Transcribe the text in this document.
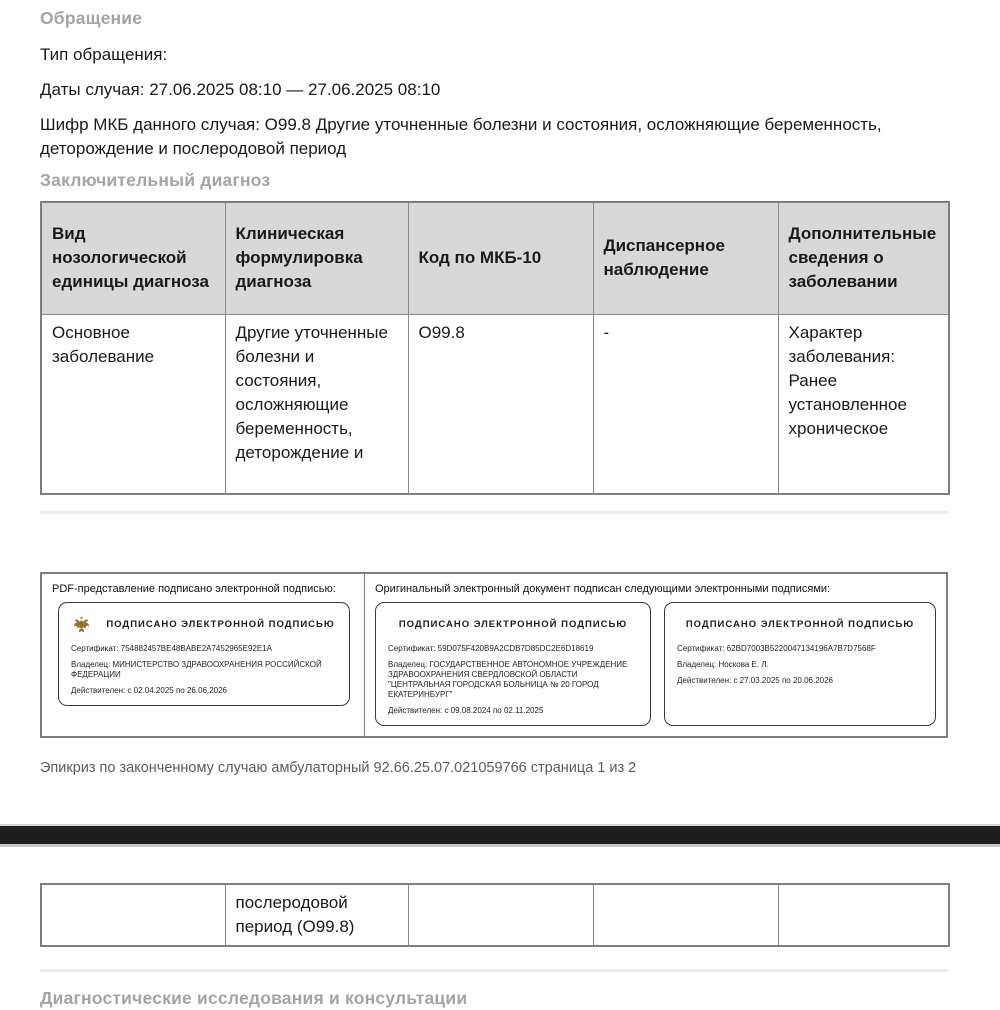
Обращение

Тип обращения:

Даты случая: 27.06.2025 08:10 — 27.06.2025 08:10

Шифр МКБ данного случая: O99.8 Другие уточненные болезни и состояния, осложняющие беременность, деторождение и послеродовой период

Заключительный диагноз
Вид нозологической единицы диагноза	Клиническая формулировка диагноза	Код по МКБ-10	Диспансерное наблюдение	Дополнительные сведения о заболевании
Основное заболевание	Другие уточненные болезни и состояния, осложняющие беременность, деторождение и	O99.8	-	Характер заболевания: Ранее установленное хроническое
PDF-представление подписано электронной подписью:
ПОДПИСАНО ЭЛЕКТРОННОЙ ПОДПИСЬЮ
Сертификат: 754882457BE48BABE2A7452965E92E1A
Владелец: МИНИСТЕРСТВО ЗДРАВООХРАНЕНИЯ РОССИЙСКОЙ ФЕДЕРАЦИИ
Действителен: с 02.04.2025 по 26.06.2026
Оригинальный электронный документ подписан следующими электронными подписями:
ПОДПИСАНО ЭЛЕКТРОННОЙ ПОДПИСЬЮ
Сертификат: 59D075F420B9A2CDB7D85DC2E6D18619
Владелец: ГОСУДАРСТВЕННОЕ АВТОНОМНОЕ УЧРЕЖДЕНИЕ ЗДРАВООХРАНЕНИЯ СВЕРДЛОВСКОЙ ОБЛАСТИ "ЦЕНТРАЛЬНАЯ ГОРОДСКАЯ БОЛЬНИЦА № 20 ГОРОД ЕКАТЕРИНБУРГ"
Действителен: с 09.08.2024 по 02.11.2025
ПОДПИСАНО ЭЛЕКТРОННОЙ ПОДПИСЬЮ
Сертификат: 62BD7003B5220047134196A7B7D7568F
Владелец: Носкова Е. Л.
Действителен: с 27.03.2025 по 20.06.2026
Эпикриз по законченному случаю амбулаторный 92.66.25.07.021059766 страница 1 из 2
	послеродовой период (O99.8)			
Диагностические исследования и консультации
